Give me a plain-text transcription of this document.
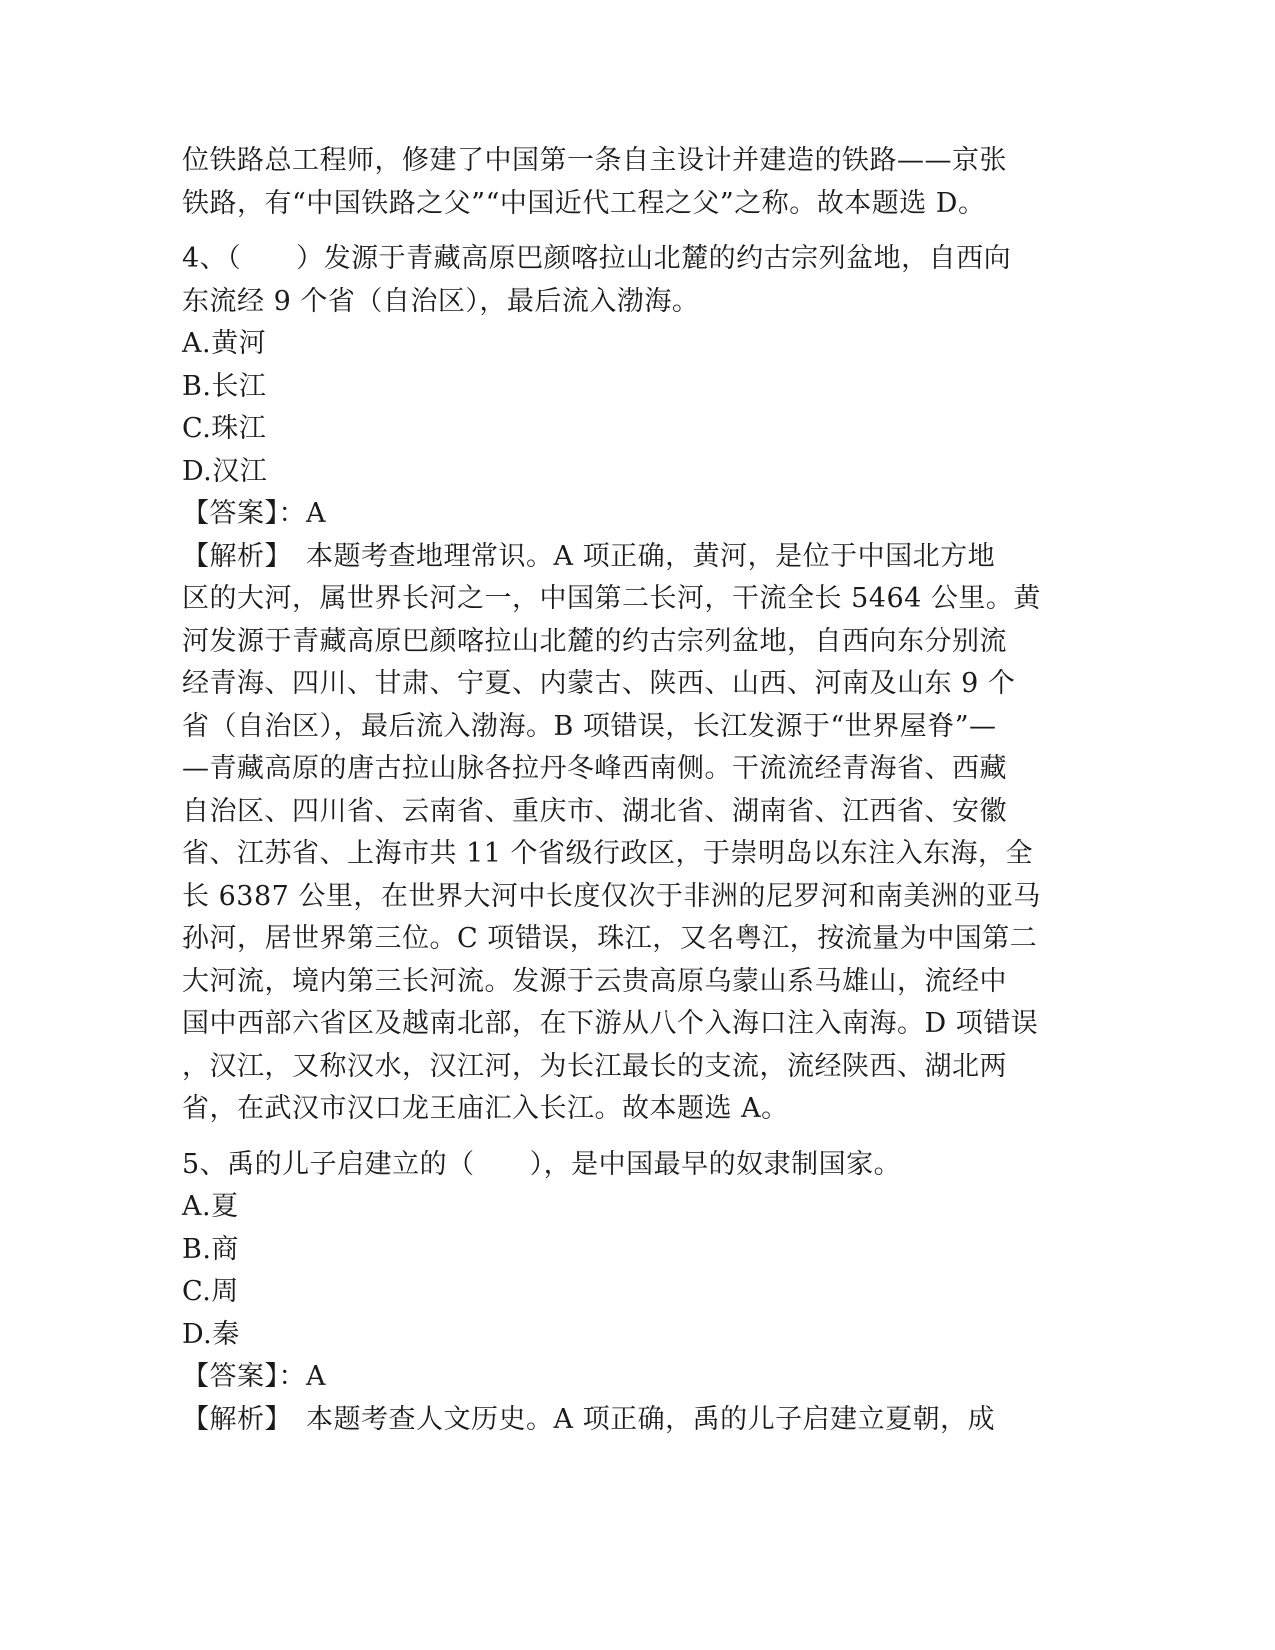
位铁路总工程师，修建了中国第一条自主设计并建造的铁路——京张
铁路，有“中国铁路之父”“中国近代工程之父”之称。故本题选 D。
4、（　　）发源于青藏高原巴颜喀拉山北麓的约古宗列盆地，自西向
东流经 9 个省（自治区），最后流入渤海。
A.黄河
B.长江
C.珠江
D.汉江
【答案】：A
【解析】　本题考查地理常识。A 项正确，黄河，是位于中国北方地
区的大河，属世界长河之一，中国第二长河，干流全长 5464 公里。黄
河发源于青藏高原巴颜喀拉山北麓的约古宗列盆地，自西向东分别流
经青海、四川、甘肃、宁夏、内蒙古、陕西、山西、河南及山东 9 个
省（自治区），最后流入渤海。B 项错误，长江发源于“世界屋脊”—
—青藏高原的唐古拉山脉各拉丹冬峰西南侧。干流流经青海省、西藏
自治区、四川省、云南省、重庆市、湖北省、湖南省、江西省、安徽
省、江苏省、上海市共 11 个省级行政区，于崇明岛以东注入东海，全
长 6387 公里，在世界大河中长度仅次于非洲的尼罗河和南美洲的亚马
孙河，居世界第三位。C 项错误，珠江，又名粤江，按流量为中国第二
大河流，境内第三长河流。发源于云贵高原乌蒙山系马雄山，流经中
国中西部六省区及越南北部，在下游从八个入海口注入南海。D 项错误
，汉江，又称汉水，汉江河，为长江最长的支流，流经陕西、湖北两
省，在武汉市汉口龙王庙汇入长江。故本题选 A。
5、禹的儿子启建立的（　　），是中国最早的奴隶制国家。
A.夏
B.商
C.周
D.秦
【答案】：A
【解析】　本题考查人文历史。A 项正确，禹的儿子启建立夏朝，成
